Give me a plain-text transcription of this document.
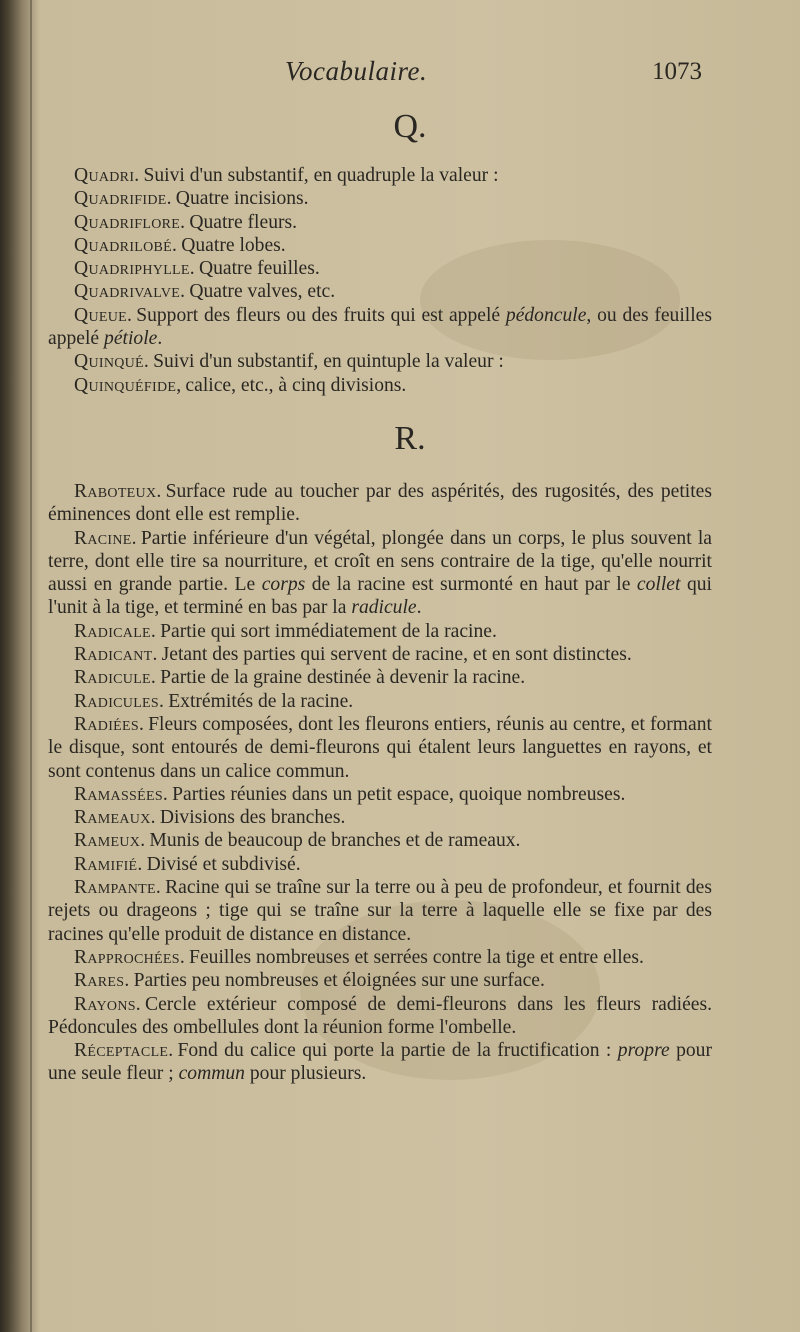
Vocabulaire.	1073
Q.

Quadri. Suivi d'un substantif, en quadruple la valeur :

Quadrifide. Quatre incisions.

Quadriflore. Quatre fleurs.

Quadrilobé. Quatre lobes.

Quadriphylle. Quatre feuilles.

Quadrivalve. Quatre valves, etc.

Queue. Support des fleurs ou des fruits qui est appelé pédoncule, ou des feuilles appelé pétiole.

Quinqué. Suivi d'un substantif, en quintuple la valeur :

Quinquéfide, calice, etc., à cinq divisions.

R.

Raboteux. Surface rude au toucher par des aspérités, des rugosités, des petites éminences dont elle est remplie.

Racine. Partie inférieure d'un végétal, plongée dans un corps, le plus souvent la terre, dont elle tire sa nourriture, et croît en sens contraire de la tige, qu'elle nourrit aussi en grande partie. Le corps de la racine est surmonté en haut par le collet qui l'unit à la tige, et terminé en bas par la radicule.

Radicale. Partie qui sort immédiatement de la racine.

Radicant. Jetant des parties qui servent de racine, et en sont distinctes.

Radicule. Partie de la graine destinée à devenir la racine.

Radicules. Extrémités de la racine.

Radiées. Fleurs composées, dont les fleurons entiers, réunis au centre, et formant le disque, sont entourés de demi-fleurons qui étalent leurs languettes en rayons, et sont contenus dans un calice commun.

Ramassées. Parties réunies dans un petit espace, quoique nombreuses.

Rameaux. Divisions des branches.

Rameux. Munis de beaucoup de branches et de rameaux.

Ramifié. Divisé et subdivisé.

Rampante. Racine qui se traîne sur la terre ou à peu de profondeur, et fournit des rejets ou drageons ; tige qui se traîne sur la terre à laquelle elle se fixe par des racines qu'elle produit de distance en distance.

Rapprochées. Feuilles nombreuses et serrées contre la tige et entre elles.

Rares. Parties peu nombreuses et éloignées sur une surface.

Rayons. Cercle extérieur composé de demi-fleurons dans les fleurs radiées. Pédoncules des ombellules dont la réunion forme l'ombelle.

Réceptacle. Fond du calice qui porte la partie de la fructification : propre pour une seule fleur ; commun pour plusieurs.
